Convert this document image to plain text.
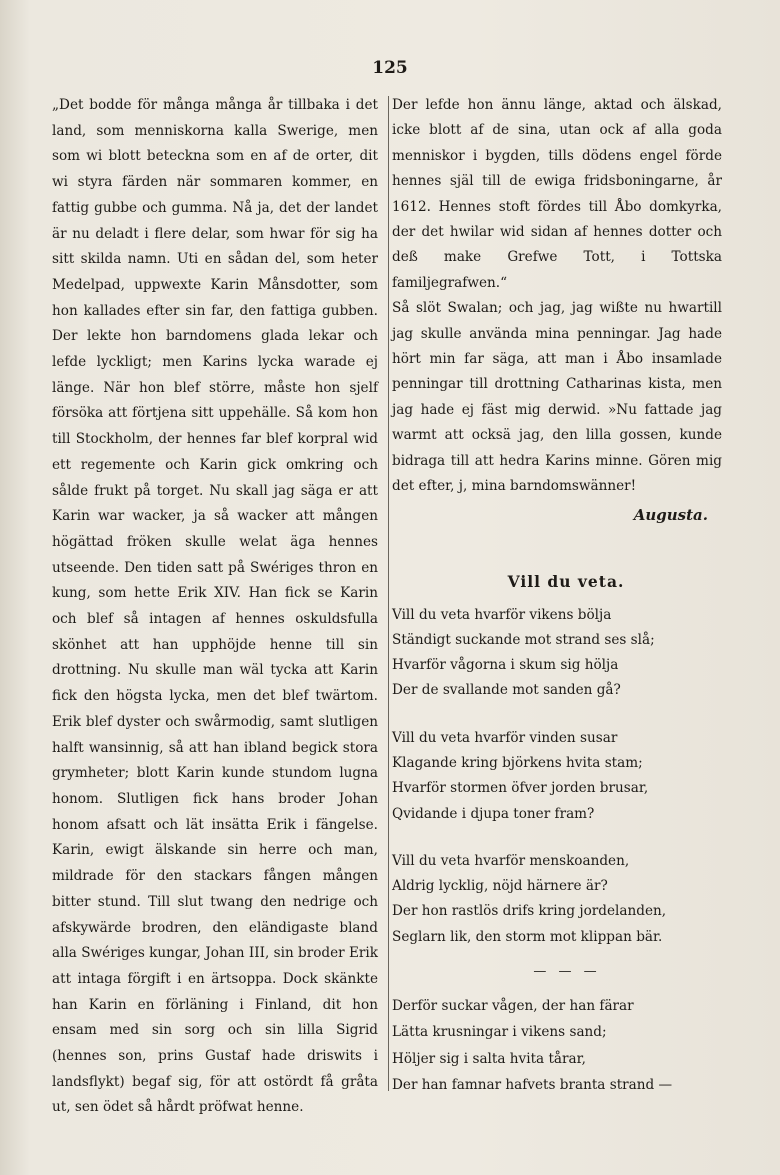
125

„Det bodde för många många år tillbaka i det land, som menniskorna kalla Swerige, men som wi blott beteckna som en af de orter, dit wi styra färden när sommaren kommer, en fattig gubbe och gumma. Nå ja, det der landet är nu deladt i flere delar, som hwar för sig ha sitt skilda namn. Uti en sådan del, som heter Medelpad, uppwexte Karin Månsdotter, som hon kallades efter sin far, den fattiga gubben. Der lekte hon barndomens glada lekar och lefde lyckligt; men Karins lycka warade ej länge. När hon blef större, måste hon sjelf försöka att förtjena sitt uppehälle. Så kom hon till Stockholm, der hennes far blef korpral wid ett regemente och Karin gick omkring och sålde frukt på torget. Nu skall jag säga er att Karin war wacker, ja så wacker att mången högättad fröken skulle welat äga hennes utseende. Den tiden satt på Swériges thron en kung, som hette Erik XIV. Han fick se Karin och blef så intagen af hennes oskuldsfulla skönhet att han upphöjde henne till sin drottning. Nu skulle man wäl tycka att Karin fick den högsta lycka, men det blef twärtom. Erik blef dyster och swårmodig, samt slutligen halft wansinnig, så att han ibland begick stora grymheter; blott Karin kunde stundom lugna honom. Slutligen fick hans broder Johan honom afsatt och lät insätta Erik i fängelse. Karin, ewigt älskande sin herre och man, mildrade för den stackars fången mången bitter stund. Till slut twang den nedrige och afskywärde brodren, den eländigaste bland alla Swériges kungar, Johan III, sin broder Erik att intaga förgift i en ärtsoppa. Dock skänkte han Karin en förläning i Finland, dit hon ensam med sin sorg och sin lilla Sigrid (hennes son, prins Gustaf hade driswits i landsflykt) begaf sig, för att ostördt få gråta ut, sen ödet så hårdt pröfwat henne.

Der lefde hon ännu länge, aktad och älskad, icke blott af de sina, utan ock af alla goda menniskor i bygden, tills dödens engel förde hennes själ till de ewiga fridsboningarne, år 1612. Hennes stoft fördes till Åbo domkyrka, der det hwilar wid sidan af hennes dotter och deß make Grefwe Tott, i Tottska familjegrafwen.“

Så slöt Swalan; och jag, jag wißte nu hwartill jag skulle använda mina penningar. Jag hade hört min far säga, att man i Åbo insamlade penningar till drottning Catharinas kista, men jag hade ej fäst mig derwid. »Nu fattade jag warmt att ocksä jag, den lilla gossen, kunde bidraga till att hedra Karins minne. Gören mig det efter, j, mina barndomswänner!

Augusta.
Vill du veta.
Vill du veta hvarför vikens bölja
Ständigt suckande mot strand ses slå;
Hvarför vågorna i skum sig hölja
Der de svallande mot sanden gå?
Vill du veta hvarför vinden susar
Klagande kring björkens hvita stam;
Hvarför stormen öfver jorden brusar,
Qvidande i djupa toner fram?
Vill du veta hvarför menskoanden,
Aldrig lycklig, nöjd härnere är?
Der hon rastlös drifs kring jordelanden,
Seglarn lik, den storm mot klippan bär.
— — —
Derför suckar vågen, der han färar
Lätta krusningar i vikens sand;
Höljer sig i salta hvita tårar,
Der han famnar hafvets branta strand —
